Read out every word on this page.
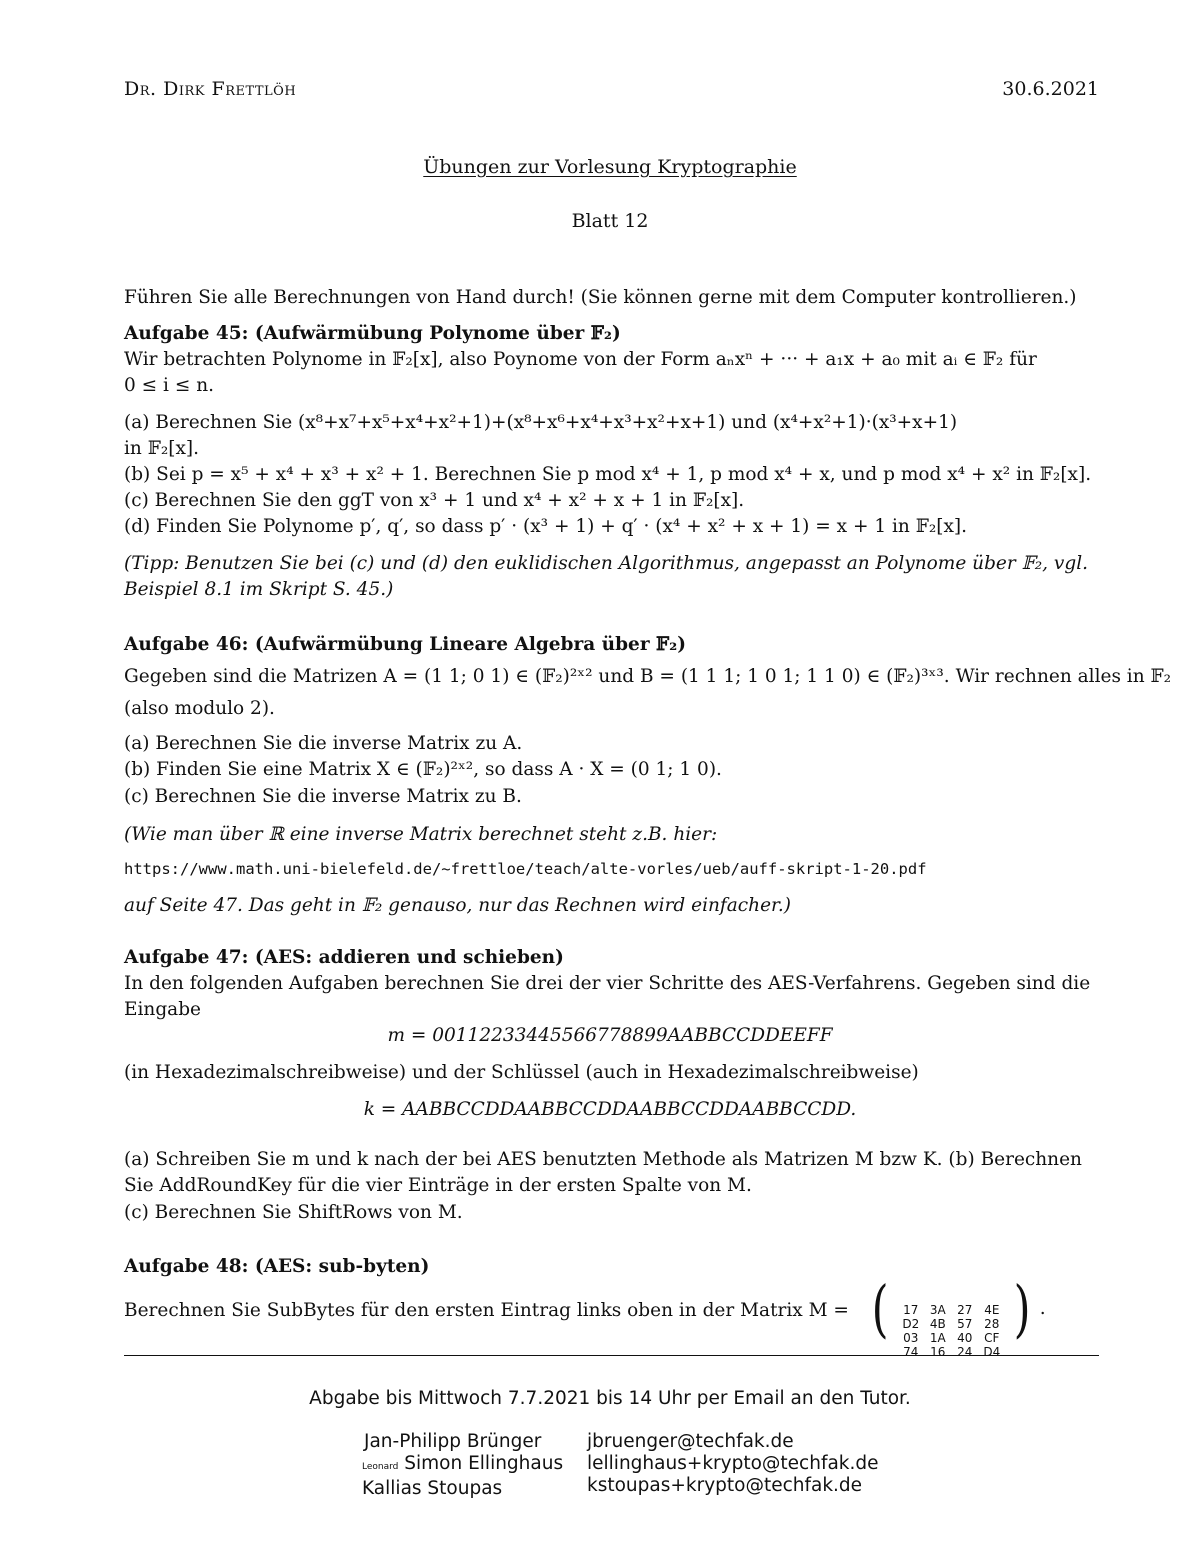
Dr. Dirk Frettlöh	30.6.2021
Übungen zur Vorlesung Kryptographie
Blatt 12
Führen Sie alle Berechnungen von Hand durch! (Sie können gerne mit dem Computer kontrollieren.)
Aufgabe 45: (Aufwärmübung Polynome über 𝔽₂)
Wir betrachten Polynome in 𝔽₂[x], also Poynome von der Form aₙxⁿ + ··· + a₁x + a₀ mit aᵢ ∈ 𝔽₂ für
0 ≤ i ≤ n.
(a) Berechnen Sie (x⁸+x⁷+x⁵+x⁴+x²+1)+(x⁸+x⁶+x⁴+x³+x²+x+1) und (x⁴+x²+1)·(x³+x+1)
in 𝔽₂[x].
(b) Sei p = x⁵ + x⁴ + x³ + x² + 1. Berechnen Sie p mod x⁴ + 1, p mod x⁴ + x, und p mod x⁴ + x² in 𝔽₂[x].
(c) Berechnen Sie den ggT von x³ + 1 und x⁴ + x² + x + 1 in 𝔽₂[x].
(d) Finden Sie Polynome p′, q′, so dass p′ · (x³ + 1) + q′ · (x⁴ + x² + x + 1) = x + 1 in 𝔽₂[x].
(Tipp: Benutzen Sie bei (c) und (d) den euklidischen Algorithmus, angepasst an Polynome über 𝔽₂, vgl.
Beispiel 8.1 im Skript S. 45.)
Aufgabe 46: (Aufwärmübung Lineare Algebra über 𝔽₂)
Gegeben sind die Matrizen A = (1 1; 0 1) ∈ (𝔽₂)²ˣ² und B = (1 1 1; 1 0 1; 1 1 0) ∈ (𝔽₂)³ˣ³. Wir rechnen alles in 𝔽₂
(also modulo 2).
(a) Berechnen Sie die inverse Matrix zu A.
(b) Finden Sie eine Matrix X ∈ (𝔽₂)²ˣ², so dass A · X = (0 1; 1 0).
(c) Berechnen Sie die inverse Matrix zu B.
(Wie man über ℝ eine inverse Matrix berechnet steht z.B. hier:
https://www.math.uni-bielefeld.de/~frettloe/teach/alte-vorles/ueb/auff-skript-1-20.pdf
auf Seite 47. Das geht in 𝔽₂ genauso, nur das Rechnen wird einfacher.)
Aufgabe 47: (AES: addieren und schieben)
In den folgenden Aufgaben berechnen Sie drei der vier Schritte des AES-Verfahrens. Gegeben sind die
Eingabe
m = 00112233445566778899AABBCCDDEEFF
(in Hexadezimalschreibweise) und der Schlüssel (auch in Hexadezimalschreibweise)
k = AABBCCDDAABBCCDDAABBCCDDAABBCCDD.
(a) Schreiben Sie m und k nach der bei AES benutzten Methode als Matrizen M bzw K. (b) Berechnen
Sie AddRoundKey für die vier Einträge in der ersten Spalte von M.
(c) Berechnen Sie ShiftRows von M.
Aufgabe 48: (AES: sub-byten)
Berechnen Sie SubBytes für den ersten Eintrag links oben in der Matrix M = (	17 3A 27 4E
D2 4B 57 28
03 1A 40 CF
74 16 24 D4
) .
Abgabe bis Mittwoch 7.7.2021 bis 14 Uhr per Email an den Tutor.
Jan-Philipp Brünger
Leonard Simon Ellinghaus
Kallias Stoupas
jbruenger@techfak.de
lellinghaus+krypto@techfak.de
kstoupas+krypto@techfak.de
